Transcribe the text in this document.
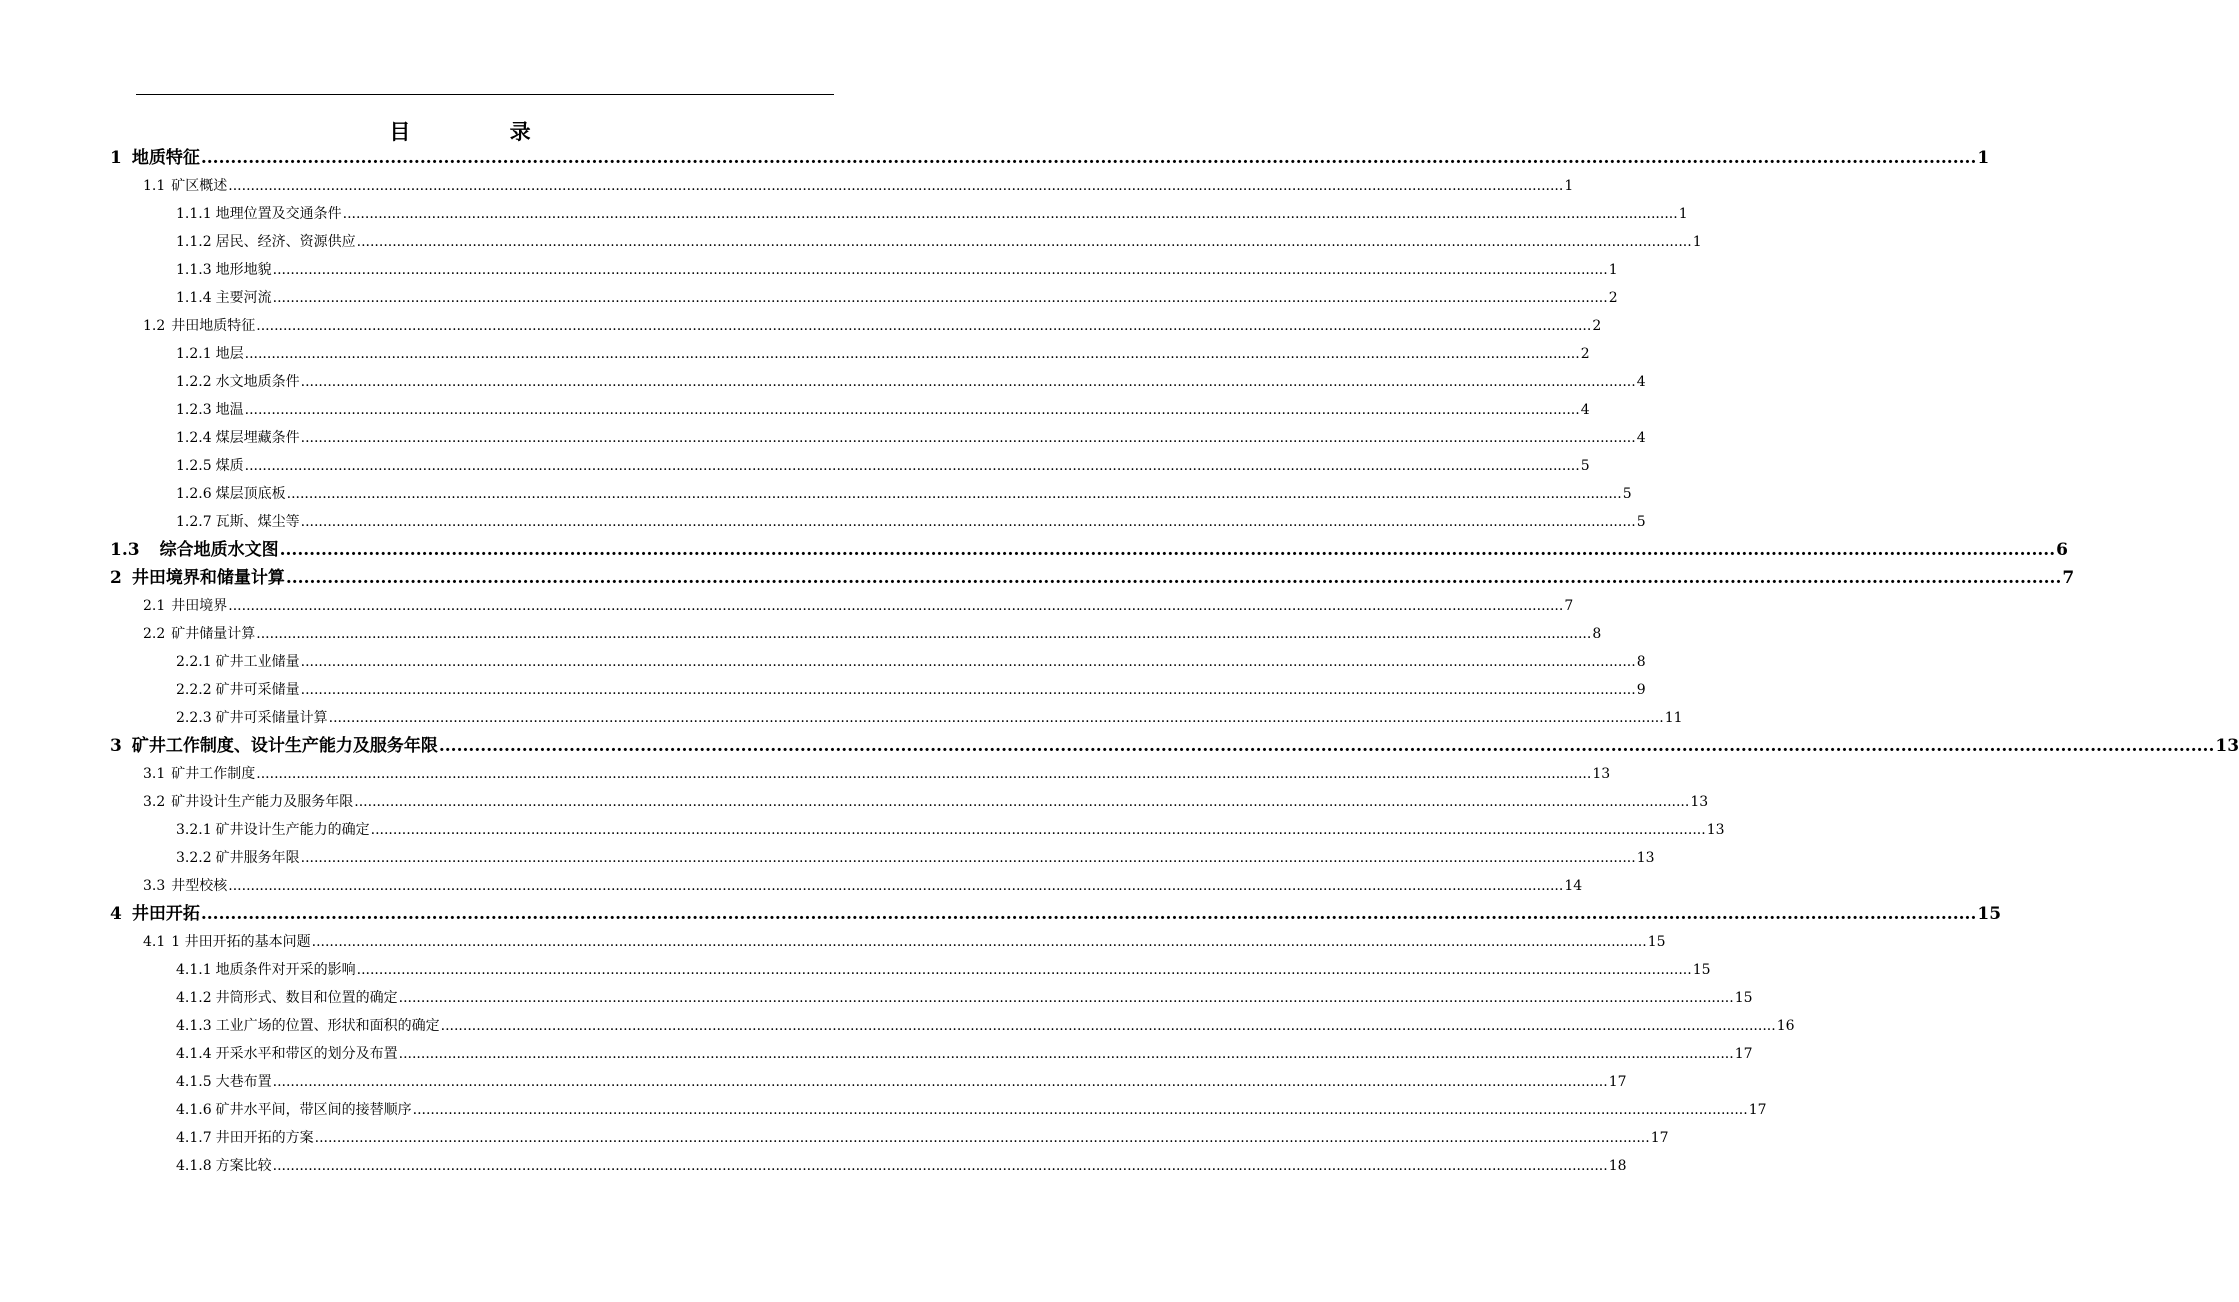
目 录
1 地质特征 ............................................................................................................................................................................................................................................................................................................ 1
1.1 矿区概述 ............................................................................................................................................................................................................................................................................................................ 1
1.1.1 地理位置及交通条件 ............................................................................................................................................................................................................................................................................................................ 1
1.1.2 居民、经济、资源供应 ............................................................................................................................................................................................................................................................................................................ 1
1.1.3 地形地貌 ............................................................................................................................................................................................................................................................................................................ 1
1.1.4 主要河流 ............................................................................................................................................................................................................................................................................................................ 2
1.2 井田地质特征 ............................................................................................................................................................................................................................................................................................................ 2
1.2.1 地层 ............................................................................................................................................................................................................................................................................................................ 2
1.2.2 水文地质条件 ............................................................................................................................................................................................................................................................................................................ 4
1.2.3 地温 ............................................................................................................................................................................................................................................................................................................ 4
1.2.4 煤层埋藏条件 ............................................................................................................................................................................................................................................................................................................ 4
1.2.5 煤质 ............................................................................................................................................................................................................................................................................................................ 5
1.2.6 煤层顶底板 ............................................................................................................................................................................................................................................................................................................ 5
1.2.7 瓦斯、煤尘等 ............................................................................................................................................................................................................................................................................................................ 5
1.3 综合地质水文图 ............................................................................................................................................................................................................................................................................................................ 6
2 井田境界和储量计算 ............................................................................................................................................................................................................................................................................................................ 7
2.1 井田境界 ............................................................................................................................................................................................................................................................................................................ 7
2.2 矿井储量计算 ............................................................................................................................................................................................................................................................................................................ 8
2.2.1 矿井工业储量 ............................................................................................................................................................................................................................................................................................................ 8
2.2.2 矿井可采储量 ............................................................................................................................................................................................................................................................................................................ 9
2.2.3 矿井可采储量计算 ............................................................................................................................................................................................................................................................................................................ 11
3 矿井工作制度、设计生产能力及服务年限 ............................................................................................................................................................................................................................................................................................................ 13
3.1 矿井工作制度 ............................................................................................................................................................................................................................................................................................................ 13
3.2 矿井设计生产能力及服务年限 ............................................................................................................................................................................................................................................................................................................ 13
3.2.1 矿井设计生产能力的确定 ............................................................................................................................................................................................................................................................................................................ 13
3.2.2 矿井服务年限 ............................................................................................................................................................................................................................................................................................................ 13
3.3 井型校核 ............................................................................................................................................................................................................................................................................................................ 14
4 井田开拓 ............................................................................................................................................................................................................................................................................................................ 15
4.1 1 井田开拓的基本问题 ............................................................................................................................................................................................................................................................................................................ 15
4.1.1 地质条件对开采的影响 ............................................................................................................................................................................................................................................................................................................ 15
4.1.2 井筒形式、数目和位置的确定 ............................................................................................................................................................................................................................................................................................................ 15
4.1.3 工业广场的位置、形状和面积的确定 ............................................................................................................................................................................................................................................................................................................ 16
4.1.4 开采水平和带区的划分及布置 ............................................................................................................................................................................................................................................................................................................ 17
4.1.5 大巷布置 ............................................................................................................................................................................................................................................................................................................ 17
4.1.6 矿井水平间，带区间的接替顺序 ............................................................................................................................................................................................................................................................................................................ 17
4.1.7 井田开拓的方案 ............................................................................................................................................................................................................................................................................................................ 17
4.1.8 方案比较 ............................................................................................................................................................................................................................................................................................................ 18
